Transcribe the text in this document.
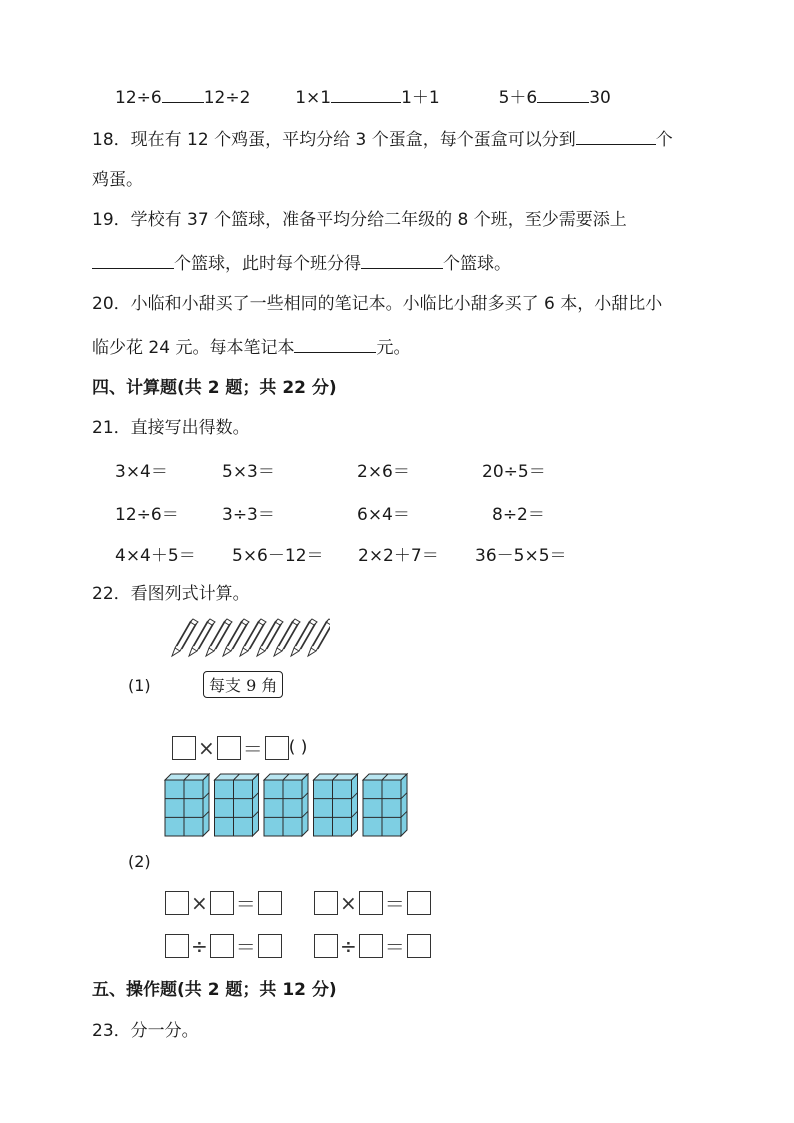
12÷6 12÷2	1×1	1＋1	5＋6	30
18．现在有 12 个鸡蛋，平均分给 3 个蛋盒，每个蛋盒可以分到	个
鸡蛋。
19．学校有 37 个篮球，准备平均分给二年级的 8 个班，至少需要添上
个篮球，此时每个班分得	个篮球。
20．小临和小甜买了一些相同的笔记本。小临比小甜多买了 6 本，小甜比小
临少花 24 元。每本笔记本	元。
四、计算题(共 2 题；共 22 分)
21．直接写出得数。
3×4＝	5×3＝	2×6＝	20÷5＝
12÷6＝	3÷3＝	6×4＝	8÷2＝
4×4＋5＝ 5×6－12＝ 2×2＋7＝ 36－5×5＝
22．看图列式计算。
(1)	每支 9 角
× ＝ ( )
(2)
× ＝	× ＝
÷ ＝	÷ ＝
五、操作题(共 2 题；共 12 分)
23．分一分。
